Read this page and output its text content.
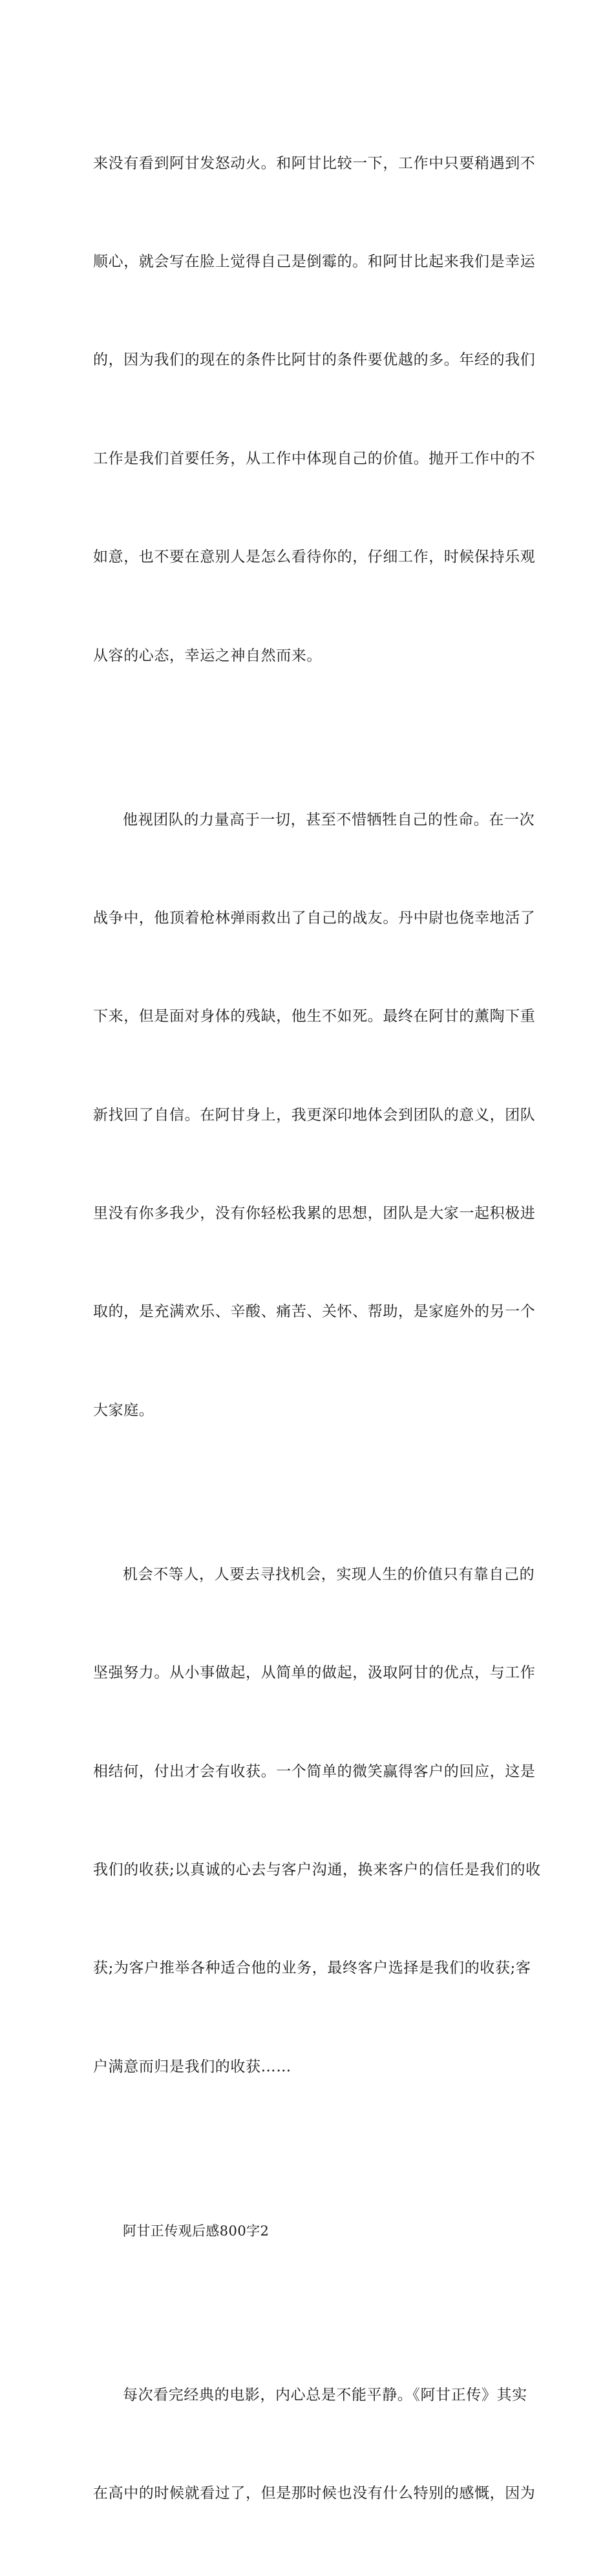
来没有看到阿甘发怒动火。和阿甘比较一下，工作中只要稍遇到不

顺心，就会写在脸上觉得自己是倒霉的。和阿甘比起来我们是幸运

的，因为我们的现在的条件比阿甘的条件要优越的多。年经的我们

工作是我们首要任务，从工作中体现自己的价值。抛开工作中的不

如意，也不要在意别人是怎么看待你的，仔细工作，时候保持乐观

从容的心态，幸运之神自然而来。

他视团队的力量高于一切，甚至不惜牺牲自己的性命。在一次

战争中，他顶着枪林弹雨救出了自己的战友。丹中尉也侥幸地活了

下来，但是面对身体的残缺，他生不如死。最终在阿甘的薰陶下重

新找回了自信。在阿甘身上，我更深印地体会到团队的意义，团队

里没有你多我少，没有你轻松我累的思想，团队是大家一起积极进

取的，是充满欢乐、辛酸、痛苦、关怀、帮助，是家庭外的另一个

大家庭。

机会不等人，人要去寻找机会，实现人生的价值只有靠自己的

坚强努力。从小事做起，从简单的做起，汲取阿甘的优点，与工作

相结何，付出才会有收获。一个简单的微笑赢得客户的回应，这是

我们的收获;以真诚的心去与客户沟通，换来客户的信任是我们的收

获;为客户推举各种适合他的业务，最终客户选择是我们的收获;客

户满意而归是我们的收获……

阿甘正传观后感800字2

每次看完经典的电影，内心总是不能平静。《阿甘正传》其实

在高中的时候就看过了，但是那时候也没有什么特别的感慨，因为
